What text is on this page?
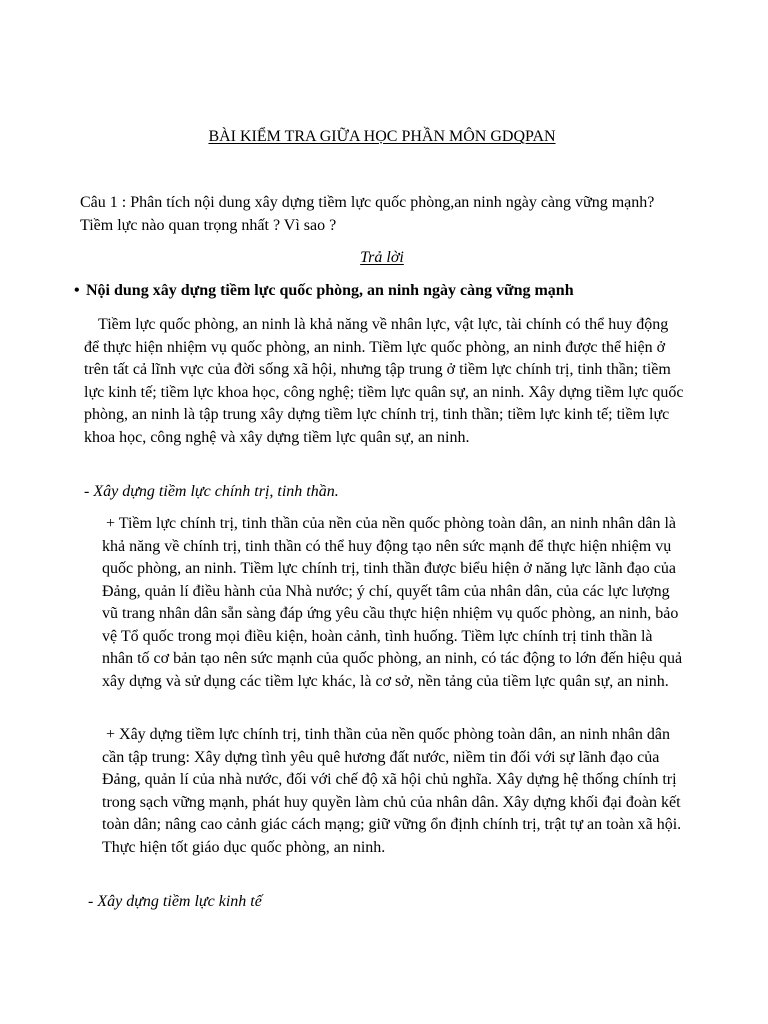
BÀI KIỂM TRA GIỮA HỌC PHẦN MÔN GDQPAN
Câu 1 : Phân tích nội dung xây dựng tiềm lực quốc phòng,an ninh ngày càng vững mạnh? Tiềm lực nào quan trọng nhất ? Vì sao ?
Trả lời
• Nội dung xây dựng tiềm lực quốc phòng, an ninh ngày càng vững mạnh
Tiềm lực quốc phòng, an ninh là khả năng về nhân lực, vật lực, tài chính có thể huy động để thực hiện nhiệm vụ quốc phòng, an ninh. Tiềm lực quốc phòng, an ninh được thể hiện ở trên tất cả lĩnh vực của đời sống xã hội, nhưng tập trung ở tiềm lực chính trị, tinh thần; tiềm lực kinh tế; tiềm lực khoa học, công nghệ; tiềm lực quân sự, an ninh. Xây dựng tiềm lực quốc phòng, an ninh là tập trung xây dựng tiềm lực chính trị, tinh thần; tiềm lực kinh tế; tiềm lực khoa học, công nghệ và xây dựng tiềm lực quân sự, an ninh.
- Xây dựng tiềm lực chính trị, tinh thần.
+ Tiềm lực chính trị, tinh thần của nền của nền quốc phòng toàn dân, an ninh nhân dân là khả năng về chính trị, tinh thần có thể huy động tạo nên sức mạnh để thực hiện nhiệm vụ quốc phòng, an ninh. Tiềm lực chính trị, tinh thần được biểu hiện ở năng lực lãnh đạo của Đảng, quản lí điều hành của Nhà nước; ý chí, quyết tâm của nhân dân, của các lực lượng vũ trang nhân dân sẵn sàng đáp ứng yêu cầu thực hiện nhiệm vụ quốc phòng, an ninh, bảo vệ Tổ quốc trong mọi điều kiện, hoàn cảnh, tình huống. Tiềm lực chính trị tinh thần là nhân tố cơ bản tạo nên sức mạnh của quốc phòng, an ninh, có tác động to lớn đến hiệu quả xây dựng và sử dụng các tiềm lực khác, là cơ sở, nền tảng của tiềm lực quân sự, an ninh.
+ Xây dựng tiềm lực chính trị, tinh thần của nền quốc phòng toàn dân, an ninh nhân dân cần tập trung: Xây dựng tình yêu quê hương đất nước, niềm tin đối với sự lãnh đạo của Đảng, quản lí của nhà nước, đối với chế độ xã hội chủ nghĩa. Xây dựng hệ thống chính trị trong sạch vững mạnh, phát huy quyền làm chủ của nhân dân. Xây dựng khối đại đoàn kết toàn dân; nâng cao cảnh giác cách mạng; giữ vững ổn định chính trị, trật tự an toàn xã hội. Thực hiện tốt giáo dục quốc phòng, an ninh.
- Xây dựng tiềm lực kinh tế
